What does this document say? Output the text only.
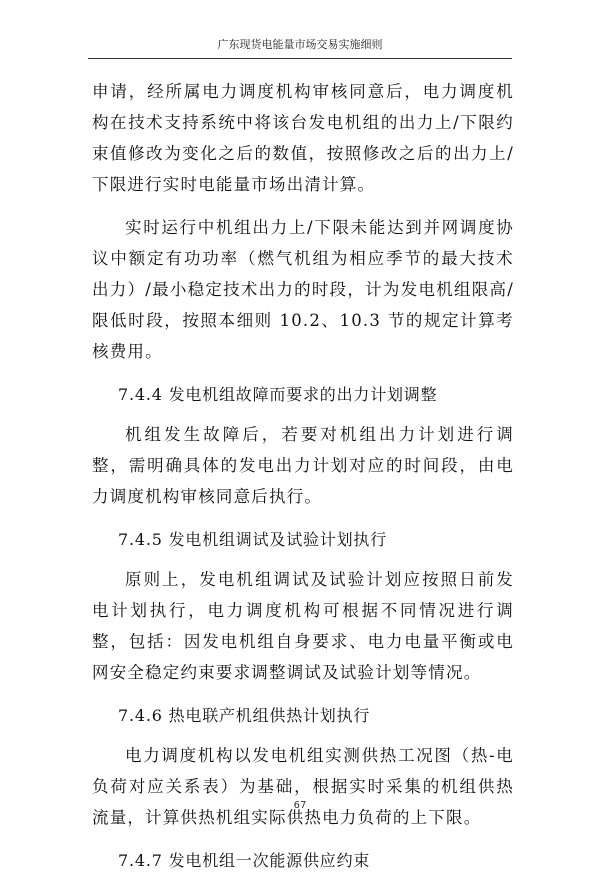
广东现货电能量市场交易实施细则

申请，经所属电力调度机构审核同意后，电力调度机构在技术支持系统中将该台发电机组的出力上/下限约束值修改为变化之后的数值，按照修改之后的出力上/下限进行实时电能量市场出清计算。

实时运行中机组出力上/下限未能达到并网调度协议中额定有功功率（燃气机组为相应季节的最大技术出力）/最小稳定技术出力的时段，计为发电机组限高/限低时段，按照本细则 10.2、10.3 节的规定计算考核费用。

7.4.4 发电机组故障而要求的出力计划调整

机组发生故障后，若要对机组出力计划进行调整，需明确具体的发电出力计划对应的时间段，由电力调度机构审核同意后执行。

7.4.5 发电机组调试及试验计划执行

原则上，发电机组调试及试验计划应按照日前发电计划执行，电力调度机构可根据不同情况进行调整，包括：因发电机组自身要求、电力电量平衡或电网安全稳定约束要求调整调试及试验计划等情况。

7.4.6 热电联产机组供热计划执行

电力调度机构以发电机组实测供热工况图（热-电负荷对应关系表）为基础，根据实时采集的机组供热流量，计算供热机组实际供热电力负荷的上下限。

7.4.7 发电机组一次能源供应约束

67
